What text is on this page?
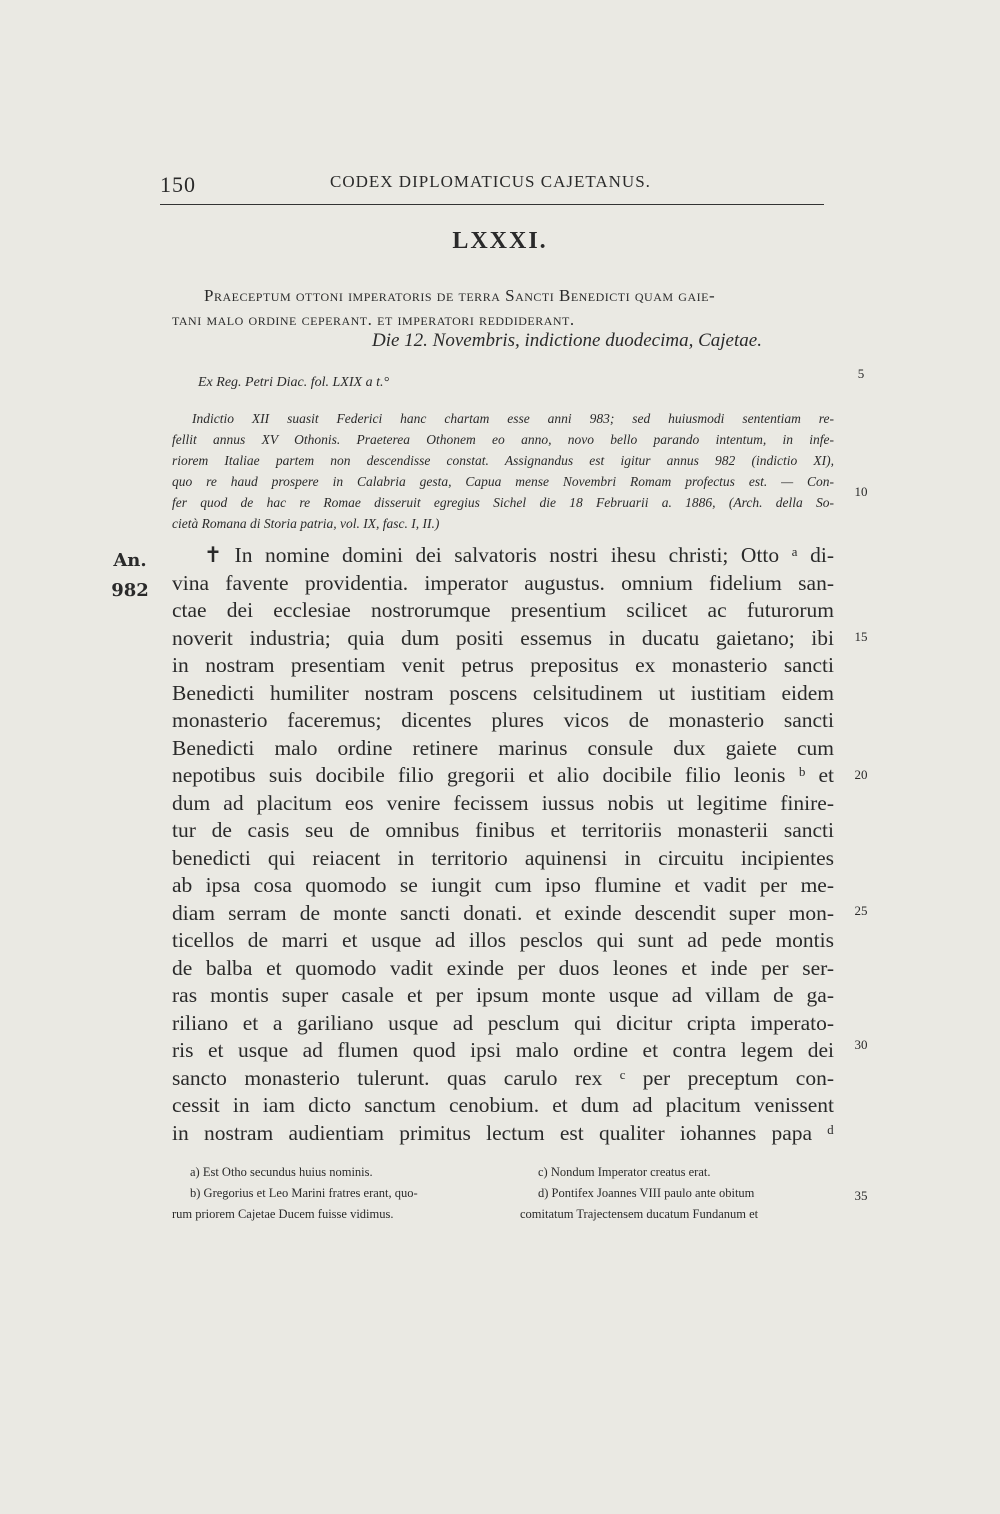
150	CODEX DIPLOMATICUS CAJETANUS.
LXXXI.
Praeceptum ottoni imperatoris de terra Sancti Benedicti quam gaie-
tani malo ordine ceperant. et imperatori reddiderant.
Die 12. Novembris, indictione duodecima, Cajetae.
Ex Reg. Petri Diac. fol. LXIX a t.°
Indictio XII suasit Federici hanc chartam esse anni 983; sed huiusmodi sententiam re-
fellit annus XV Othonis. Praeterea Othonem eo anno, novo bello parando intentum, in infe-
riorem Italiae partem non descendisse constat. Assignandus est igitur annus 982 (indictio XI),
quo re haud prospere in Calabria gesta, Capua mense Novembri Romam profectus est. — Con-
fer quod de hac re Romae disseruit egregius Sichel die 18 Februarii a. 1886, (Arch. della So-
cietà Romana di Storia patria, vol. IX, fasc. I, II.)
An.
982
✝ In nomine domini dei salvatoris nostri ihesu christi; Otto ᵃ di-
vina favente providentia. imperator augustus. omnium fidelium san-
ctae dei ecclesiae nostrorumque presentium scilicet ac futurorum
noverit industria; quia dum positi essemus in ducatu gaietano; ibi
in nostram presentiam venit petrus prepositus ex monasterio sancti
Benedicti humiliter nostram poscens celsitudinem ut iustitiam eidem
monasterio faceremus; dicentes plures vicos de monasterio sancti
Benedicti malo ordine retinere marinus consule dux gaiete cum
nepotibus suis docibile filio gregorii et alio docibile filio leonis ᵇ et
dum ad placitum eos venire fecissem iussus nobis ut legitime finire-
tur de casis seu de omnibus finibus et territoriis monasterii sancti
benedicti qui reiacent in territorio aquinensi in circuitu incipientes
ab ipsa cosa quomodo se iungit cum ipso flumine et vadit per me-
diam serram de monte sancti donati. et exinde descendit super mon-
ticellos de marri et usque ad illos pesclos qui sunt ad pede montis
de balba et quomodo vadit exinde per duos leones et inde per ser-
ras montis super casale et per ipsum monte usque ad villam de ga-
riliano et a gariliano usque ad pesclum qui dicitur cripta imperato-
ris et usque ad flumen quod ipsi malo ordine et contra legem dei
sancto monasterio tulerunt. quas carulo rex ᶜ per preceptum con-
cessit in iam dicto sanctum cenobium. et dum ad placitum venissent
in nostram audientiam primitus lectum est qualiter iohannes papa ᵈ
5
10
15
20
25
30
35
a) Est Otho secundus huius nominis.
b) Gregorius et Leo Marini fratres erant, quo-
rum priorem Cajetae Ducem fuisse vidimus.
c) Nondum Imperator creatus erat.
d) Pontifex Joannes VIII paulo ante obitum
comitatum Trajectensem ducatum Fundanum et
